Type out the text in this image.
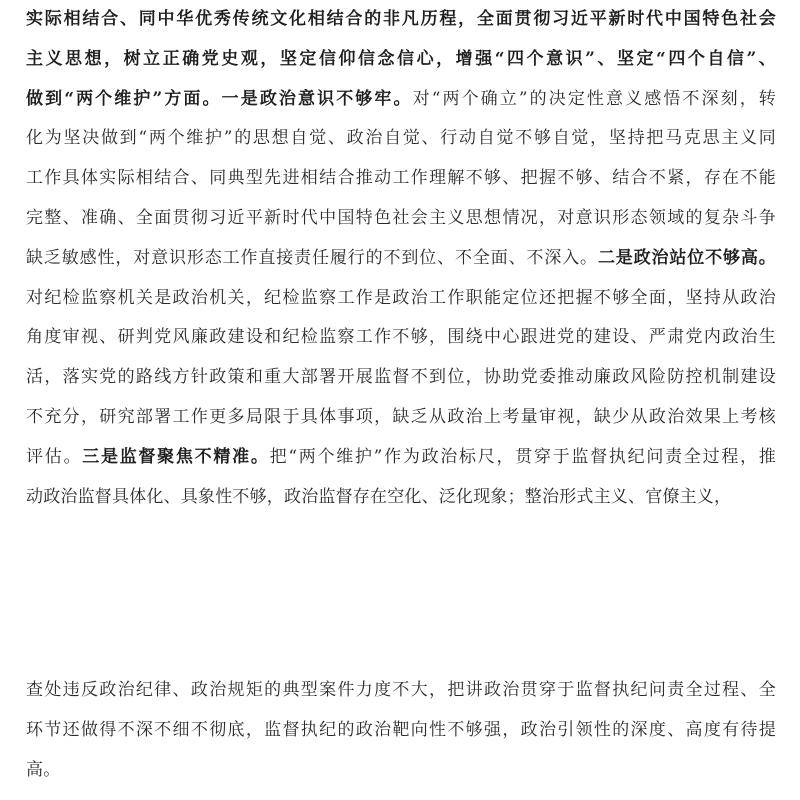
实际相结合、同中华优秀传统文化相结合的非凡历程，全面贯彻习近平新时代中国特色社会
主义思想，树立正确党史观，坚定信仰信念信心，增强“四个意识”、坚定“四个自信”、
做到“两个维护”方面。一是政治意识不够牢。对“两个确立”的决定性意义感悟不深刻，转
化为坚决做到“两个维护”的思想自觉、政治自觉、行动自觉不够自觉，坚持把马克思主义同
工作具体实际相结合、同典型先进相结合推动工作理解不够、把握不够、结合不紧，存在不能
完整、准确、全面贯彻习近平新时代中国特色社会主义思想情况，对意识形态领域的复杂斗争
缺乏敏感性，对意识形态工作直接责任履行的不到位、不全面、不深入。二是政治站位不够高。
对纪检监察机关是政治机关，纪检监察工作是政治工作职能定位还把握不够全面，坚持从政治
角度审视、研判党风廉政建设和纪检监察工作不够，围绕中心跟进党的建设、严肃党内政治生
活，落实党的路线方针政策和重大部署开展监督不到位，协助党委推动廉政风险防控机制建设
不充分，研究部署工作更多局限于具体事项，缺乏从政治上考量审视，缺少从政治效果上考核
评估。三是监督聚焦不精准。把“两个维护”作为政治标尺，贯穿于监督执纪问责全过程，推
动政治监督具体化、具象性不够，政治监督存在空化、泛化现象；整治形式主义、官僚主义，
查处违反政治纪律、政治规矩的典型案件力度不大，把讲政治贯穿于监督执纪问责全过程、全
环节还做得不深不细不彻底，监督执纪的政治靶向性不够强，政治引领性的深度、高度有待提
高。
